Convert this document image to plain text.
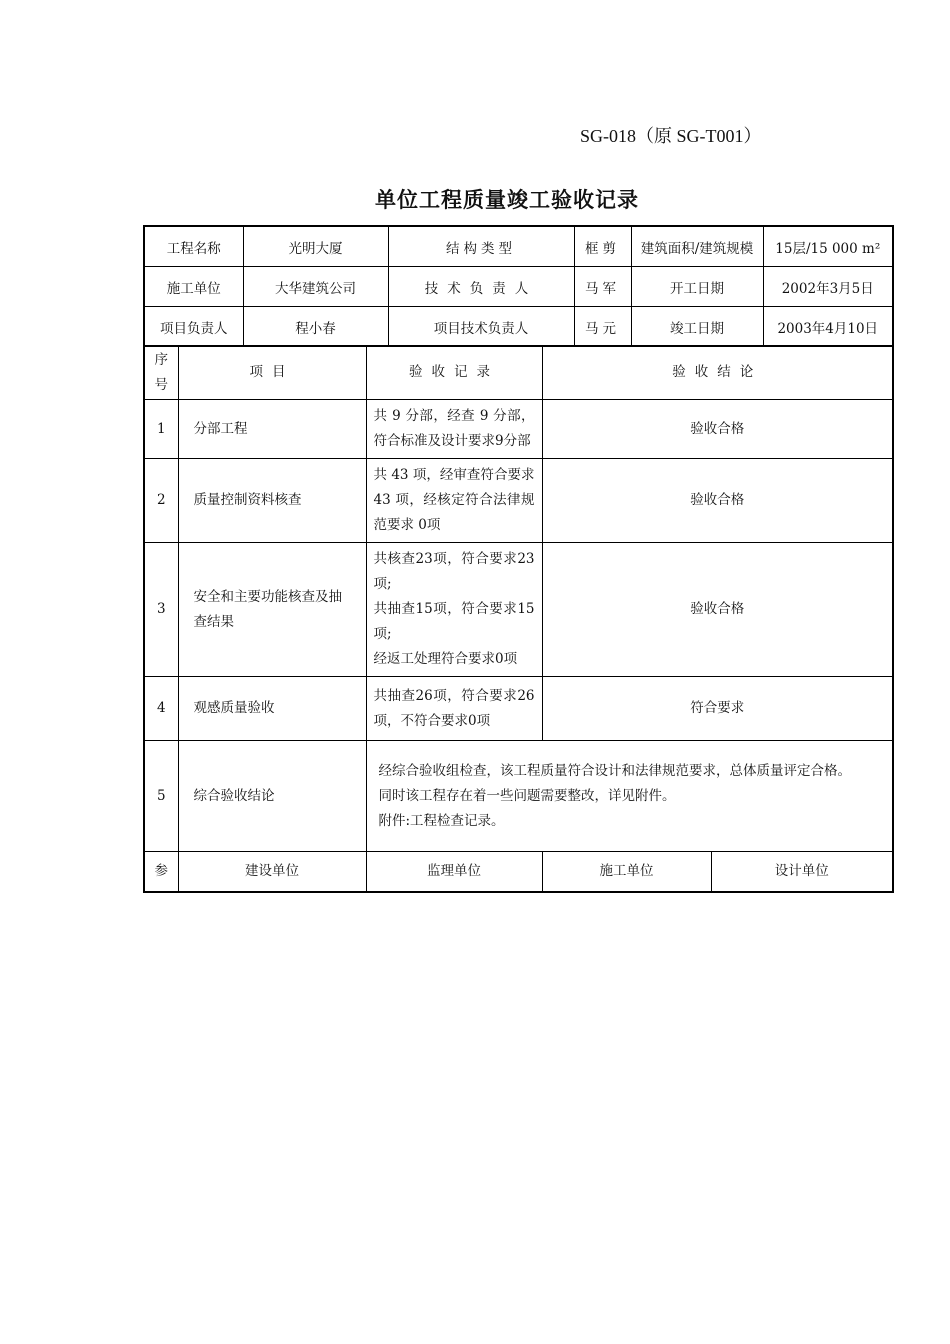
SG-018（原 SG-T001）
单位工程质量竣工验收记录
工程名称	光明大厦	结构类型	框剪	建筑面积/建筑规模	15层/15 000 m²
施工单位	大华建筑公司	技术负责人	马军	开工日期	2002年3月5日
项目负责人	程小春	项目技术负责人	马元	竣工日期	2003年4月10日
序号	项目	验收记录	验收结论	
1	分部工程	共 9 分部，经查 9 分部，符合标准及设计要求9分部	验收合格	
2	质量控制资料核查	共 43 项，经审查符合要求43 项，经核定符合法律规范要求 0项	验收合格	
3	安全和主要功能核查及抽查结果	共核查23项，符合要求23项;
共抽查15项，符合要求15项;
经返工处理符合要求0项	验收合格	
4	观感质量验收	共抽查26项，符合要求26项，不符合要求0项	符合要求	
5	综合验收结论	经综合验收组检查，该工程质量符合设计和法律规范要求，总体质量评定合格。
同时该工程存在着一些问题需要整改，详见附件。
附件:工程检查记录。		

参	建设单位	监理单位	施工单位	设计单位
